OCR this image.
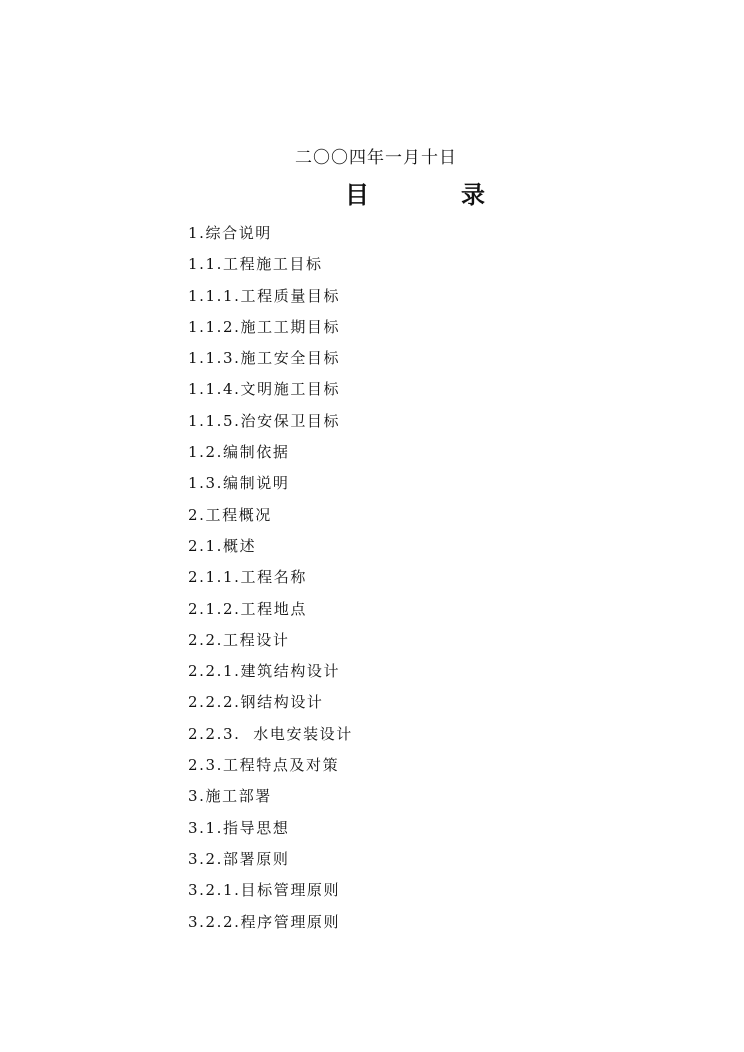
二〇〇四年一月十日
目	录
1.综合说明
1.1.工程施工目标
1.1.1.工程质量目标
1.1.2.施工工期目标
1.1.3.施工安全目标
1.1.4.文明施工目标
1.1.5.治安保卫目标
1.2.编制依据
1.3.编制说明
2.工程概况
2.1.概述
2.1.1.工程名称
2.1.2.工程地点
2.2.工程设计
2.2.1.建筑结构设计
2.2.2.钢结构设计
2.2.3.  水电安装设计
2.3.工程特点及对策
3.施工部署
3.1.指导思想
3.2.部署原则
3.2.1.目标管理原则
3.2.2.程序管理原则
